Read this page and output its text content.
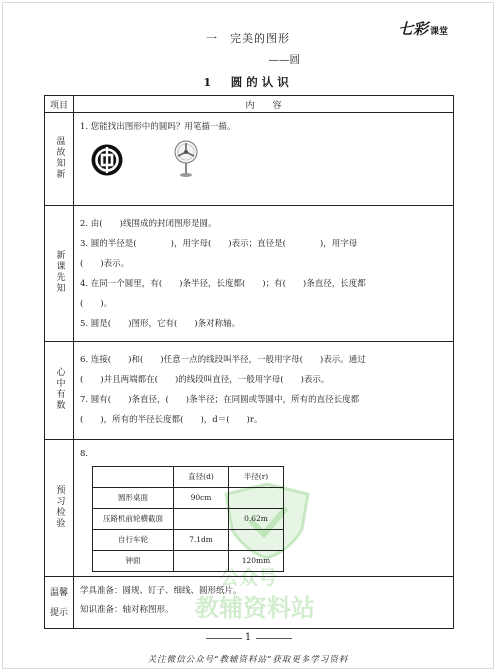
一　完美的图形
——圆
七彩 课堂
1　圆的认识
公众号
教辅资料站
项目	内　　容
温故知新	
1. 您能找出图形中的圆吗？用笔描一描。

新课先知	
2. 由(　　)线围成的封闭图形是圆。
3. 圆的半径是(　　　　)，用字母(　　)表示；直径是(　　　　)，用字母
(　　)表示。
4. 在同一个圆里，有(　　)条半径，长度都(　　)；有(　　)条直径，长度都
(　　)。
5. 圆是(　　)图形，它有(　　)条对称轴。

心中有数	
6. 连接(　　)和(　　)任意一点的线段叫半径，一般用字母(　　)表示。通过
(　　)并且两端都在(　　)的线段叫直径，一般用字母(　　)表示。
7. 圆有(　　)条直径，(　　)条半径；在同圆或等圆中，所有的直径长度都
(　　)，所有的半径长度都(　　)，d＝(　　)r。

预习检验	
8.
	直径(d)	半径(r)
圆形桌面	90cm	
压路机前轮横截面		0.62m
自行车轮	7.1dm	
钟面		120mm

温馨
提示

学具准备：圆规、钉子、细线、圆形纸片。
知识准备：轴对称图形。
1
关注微信公众号“教辅资料站”获取更多学习资料
